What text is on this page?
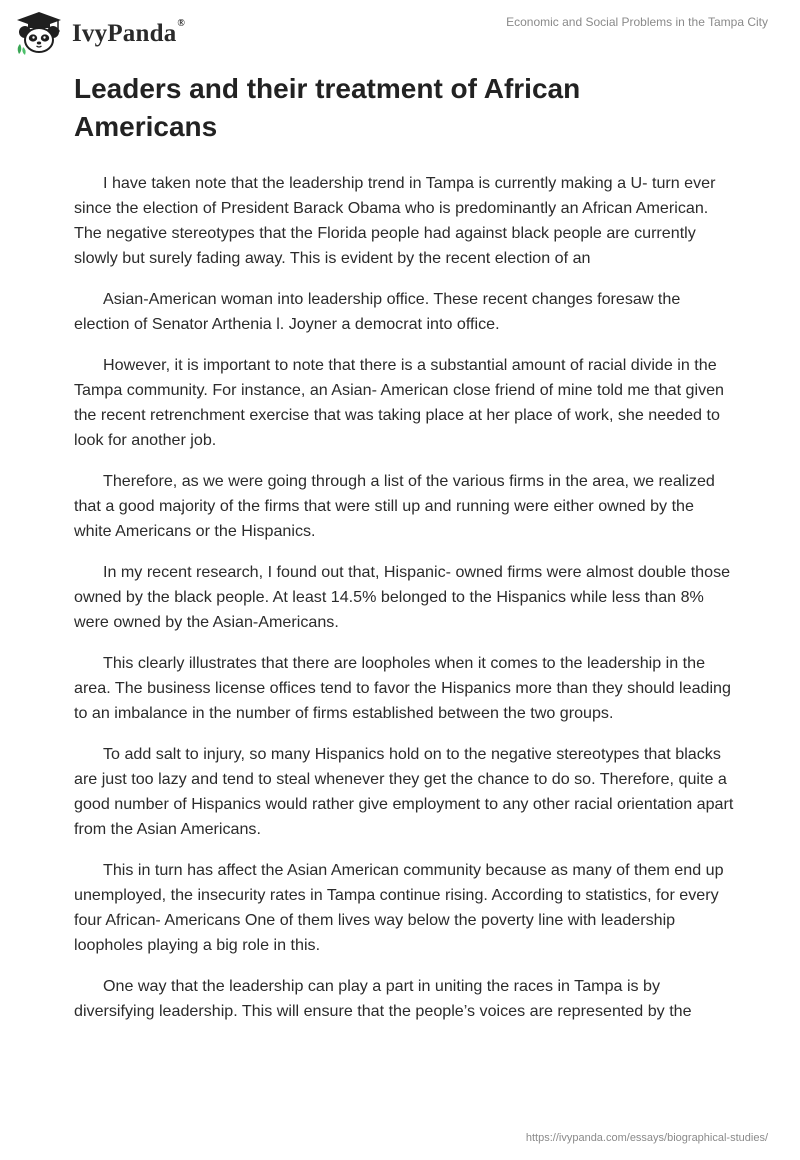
IvyPanda®	Economic and Social Problems in the Tampa City
Leaders and their treatment of African Americans

I have taken note that the leadership trend in Tampa is currently making a U- turn ever since the election of President Barack Obama who is predominantly an African American. The negative stereotypes that the Florida people had against black people are currently slowly but surely fading away. This is evident by the recent election of an

Asian-American woman into leadership office. These recent changes foresaw the election of Senator Arthenia l. Joyner a democrat into office.

However, it is important to note that there is a substantial amount of racial divide in the Tampa community. For instance, an Asian- American close friend of mine told me that given the recent retrenchment exercise that was taking place at her place of work, she needed to look for another job.

Therefore, as we were going through a list of the various firms in the area, we realized that a good majority of the firms that were still up and running were either owned by the white Americans or the Hispanics.

In my recent research, I found out that, Hispanic- owned firms were almost double those owned by the black people. At least 14.5% belonged to the Hispanics while less than 8% were owned by the Asian-Americans.

This clearly illustrates that there are loopholes when it comes to the leadership in the area. The business license offices tend to favor the Hispanics more than they should leading to an imbalance in the number of firms established between the two groups.

To add salt to injury, so many Hispanics hold on to the negative stereotypes that blacks are just too lazy and tend to steal whenever they get the chance to do so. Therefore, quite a good number of Hispanics would rather give employment to any other racial orientation apart from the Asian Americans.

This in turn has affect the Asian American community because as many of them end up unemployed, the insecurity rates in Tampa continue rising. According to statistics, for every four African- Americans One of them lives way below the poverty line with leadership loopholes playing a big role in this.

One way that the leadership can play a part in uniting the races in Tampa is by diversifying leadership. This will ensure that the people’s voices are represented by the

https://ivypanda.com/essays/biographical-studies/
